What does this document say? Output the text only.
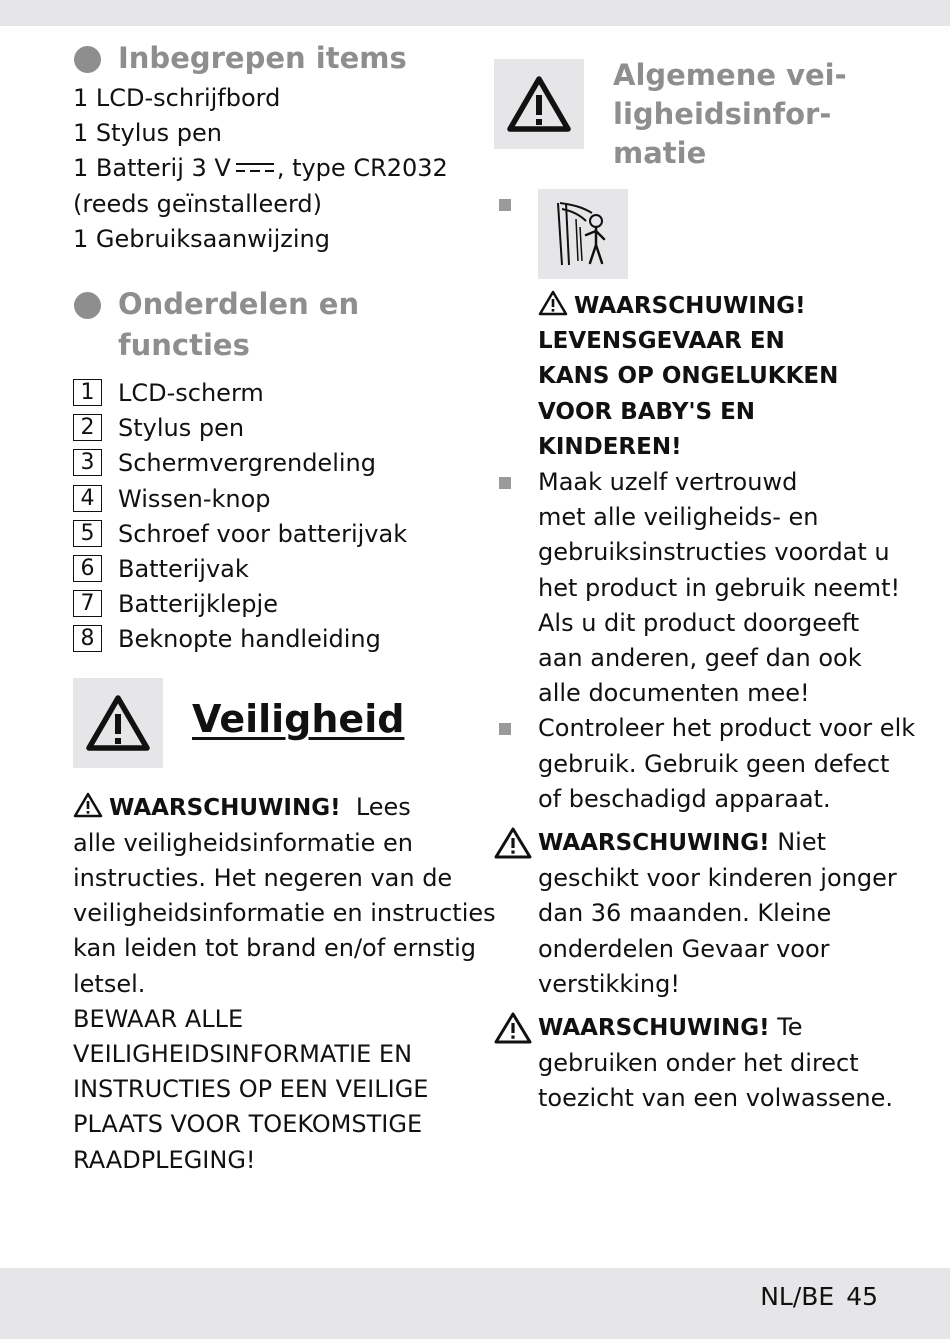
Inbegrepen items
1 LCD-schrijfbord
1 Stylus pen
1 Batterij 3 V , type CR2032
(reeds geïnstalleerd)
1 Gebruiksaanwijzing
Onderdelen en
functies
1 LCD-scherm
2 Stylus pen
3 Schermvergrendeling
4 Wissen-knop
5 Schroef voor batterijvak
6 Batterijvak
7 Batterijklepje
8 Beknopte handleiding
Veiligheid
WAARSCHUWING! Lees
alle veiligheidsinformatie en
instructies. Het negeren van de
veiligheidsinformatie en instructies
kan leiden tot brand en/of ernstig
letsel.
BEWAAR ALLE
VEILIGHEIDSINFORMATIE EN
INSTRUCTIES OP EEN VEILIGE
PLAATS VOOR TOEKOMSTIGE
RAADPLEGING!
Algemene vei-
ligheidsinfor-
matie
WAARSCHUWING!
LEVENSGEVAAR EN
KANS OP ONGELUKKEN
VOOR BABY'S EN
KINDEREN!
Maak uzelf vertrouwd
met alle veiligheids- en
gebruiksinstructies voordat u
het product in gebruik neemt!
Als u dit product doorgeeft
aan anderen, geef dan ook
alle documenten mee!
Controleer het product voor elk
gebruik. Gebruik geen defect
of beschadigd apparaat.
WAARSCHUWING! Niet
geschikt voor kinderen jonger
dan 36 maanden. Kleine
onderdelen Gevaar voor
verstikking!
WAARSCHUWING! Te
gebruiken onder het direct
toezicht van een volwassene.
NL/BE 45
